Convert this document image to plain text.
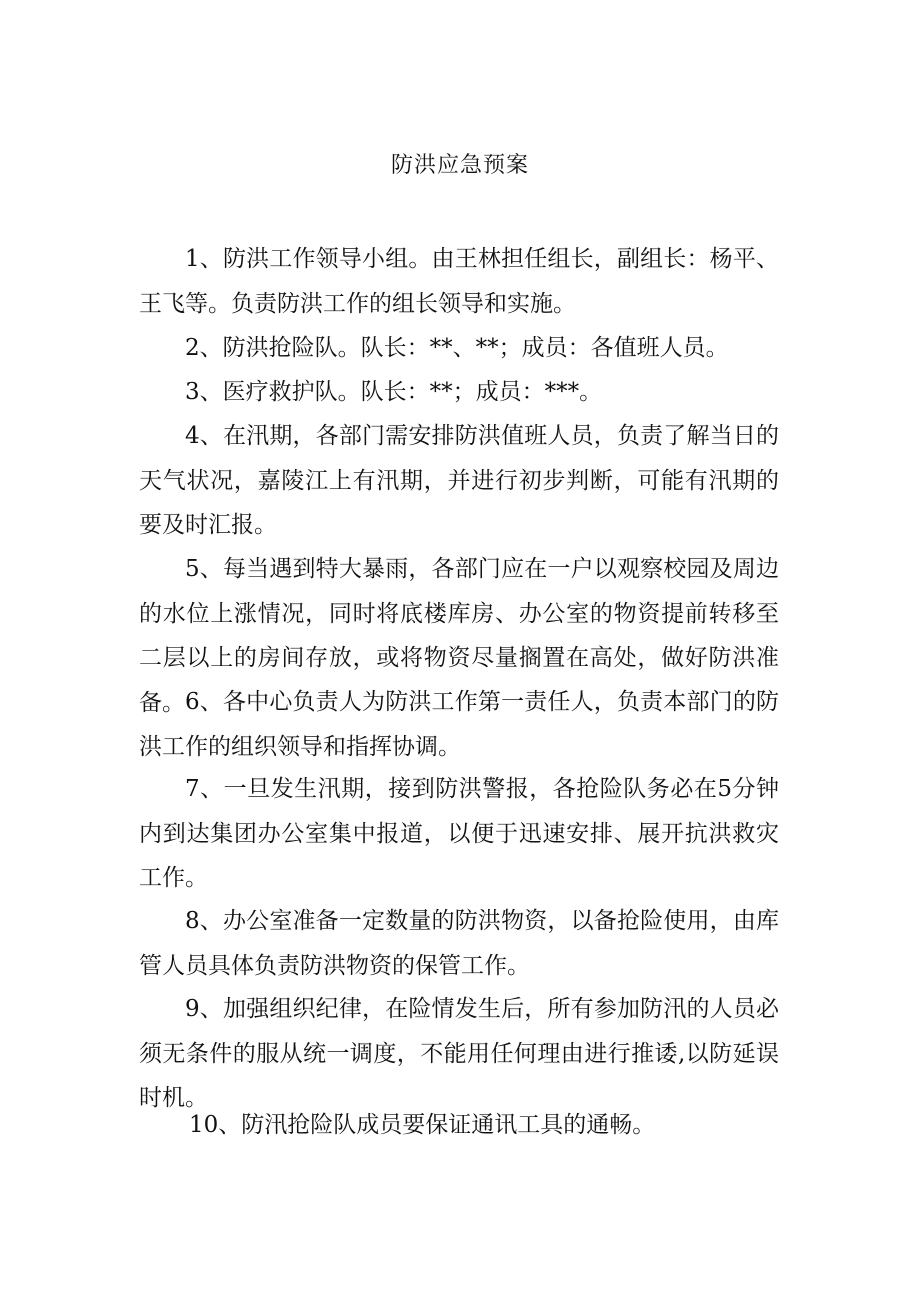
防洪应急预案

1、防洪工作领导小组。由王林担任组长，副组长：杨平、王飞等。负责防洪工作的组长领导和实施。

2、防洪抢险队。队长：**、**；成员：各值班人员。

3、医疗救护队。队长：**；成员：***。

4、在汛期，各部门需安排防洪值班人员，负责了解当日的天气状况，嘉陵江上有汛期，并进行初步判断，可能有汛期的要及时汇报。

5、每当遇到特大暴雨，各部门应在一户以观察校园及周边的水位上涨情况，同时将底楼库房、办公室的物资提前转移至二层以上的房间存放，或将物资尽量搁置在高处，做好防洪准备。 6、各中心负责人为防洪工作第一责任人，负责本部门的防洪工作的组织领导和指挥协调。

7、一旦发生汛期，接到防洪警报，各抢险队务必在5分钟内到达集团办公室集中报道，以便于迅速安排、展开抗洪救灾工作。

8、办公室准备一定数量的防洪物资，以备抢险使用，由库管人员具体负责防洪物资的保管工作。

9、加强组织纪律，在险情发生后，所有参加防汛的人员必须无条件的服从统一调度，不能用任何理由进行推诿,以防延误时机。

10、防汛抢险队成员要保证通讯工具的通畅。
